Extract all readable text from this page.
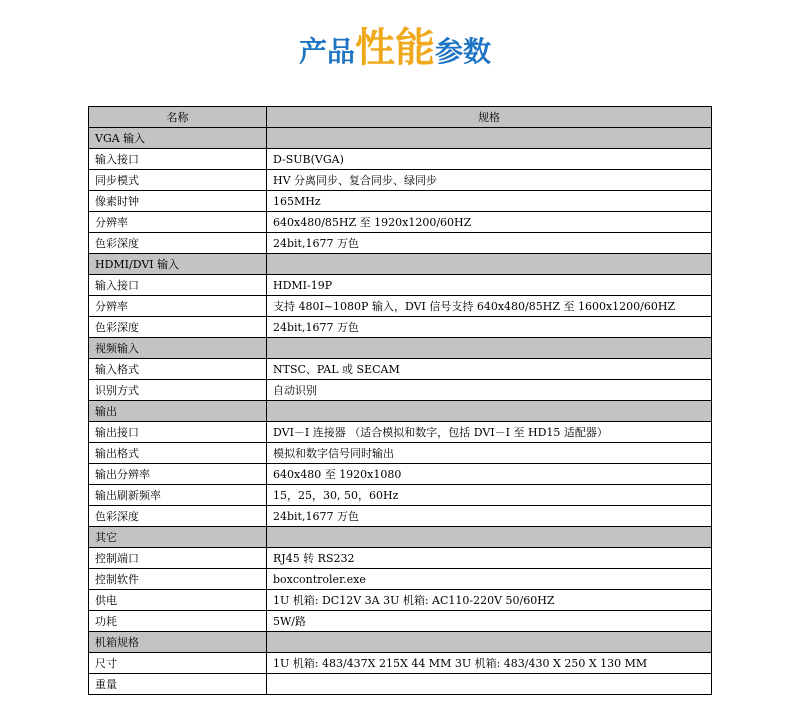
产品性能参数
名称	规格
VGA 输入	
输入接口	D-SUB(VGA)
同步模式	HV 分离同步、复合同步、绿同步
像素时钟	165MHz
分辨率	640x480/85HZ 至 1920x1200/60HZ
色彩深度	24bit,1677 万色
HDMI/DVI 输入	
输入接口	HDMI-19P
分辨率	支持 480I~1080P 输入，DVI 信号支持 640x480/85HZ 至 1600x1200/60HZ
色彩深度	24bit,1677 万色
视频输入	
输入格式	NTSC、PAL 或 SECAM
识别方式	自动识别
输出	
输出接口	DVI－I 连接器 （适合模拟和数字，包括 DVI－I 至 HD15 适配器）
输出格式	模拟和数字信号同时输出
输出分辨率	640x480 至 1920x1080
输出刷新频率	15，25，30, 50，60Hz
色彩深度	24bit,1677 万色
其它	
控制端口	RJ45 转 RS232
控制软件	boxcontroler.exe
供电	1U 机箱: DC12V 3A 3U 机箱: AC110-220V 50/60HZ
功耗	5W/路
机箱规格	
尺寸	1U 机箱: 483/437X 215X 44 MM 3U 机箱: 483/430 X 250 X 130 MM
重量	
